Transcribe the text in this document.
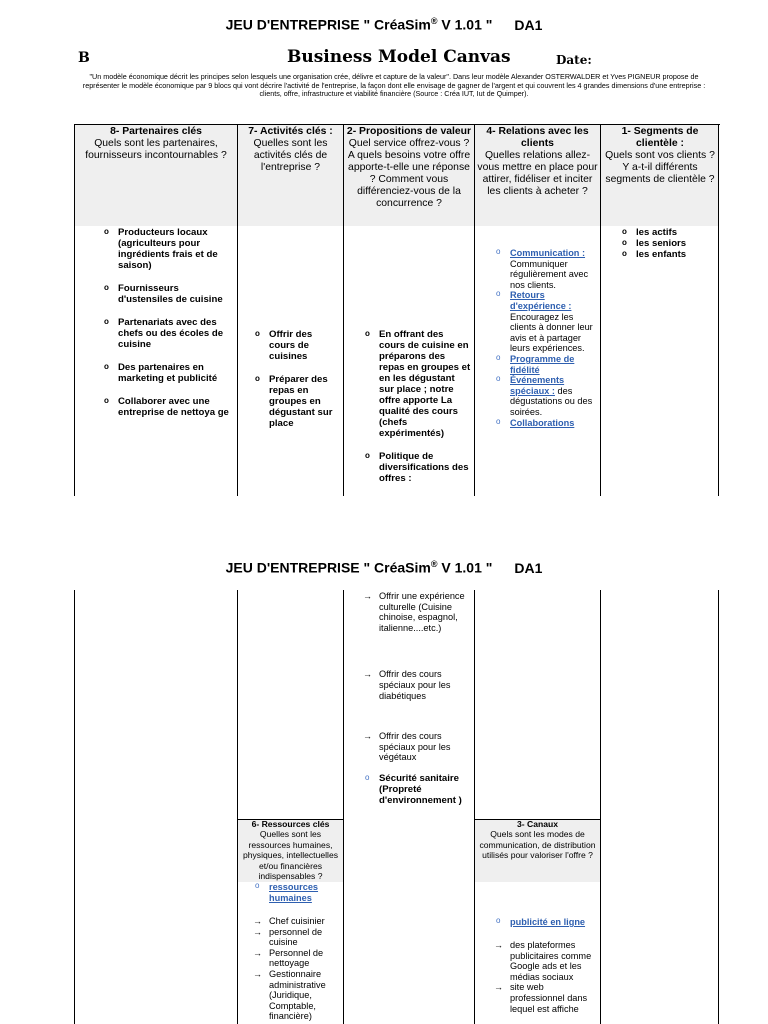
JEU D'ENTREPRISE " CréaSim® V 1.01 " DA1
B	Business Model Canvas	Date:
"Un modèle économique décrit les principes selon lesquels une organisation crée, délivre et capture de la valeur". Dans leur modèle Alexander OSTERWALDER et Yves PIGNEUR propose de représenter le modèle économique par 9 blocs qui vont décrire l'activité de l'entreprise, la façon dont elle envisage de gagner de l'argent et qui couvrent les 4 grandes dimensions d'une entreprise : clients, offre, infrastructure et viabilité financière (Source : Créa IUT, Iut de Quimper).
8- Partenaires clés
Quels sont les partenaires, fournisseurs incontournables ?
7- Activités clés :
Quelles sont les activités clés de l'entreprise ?
2- Propositions de valeur
Quel service offrez-vous ? A quels besoins votre offre apporte-t-elle une réponse ? Comment vous différenciez-vous de la concurrence ?
4- Relations avec les clients
Quelles relations allez-vous mettre en place pour attirer, fidéliser et inciter les clients à acheter ?
1- Segments de clientèle :
Quels sont vos clients ? Y a-t-il différents segments de clientèle ?
o Producteurs locaux (agriculteurs pour ingrédients frais et de saison)
o Fournisseurs d'ustensiles de cuisine
o Partenariats avec des chefs ou des écoles de cuisine
o Des partenaires en marketing et publicité
o Collaborer avec une entreprise de nettoya ge
o Offrir des cours de cuisines
o Préparer des repas en groupes en dégustant sur place
o En offrant des cours de cuisine en préparons des repas en groupes et en les dégustant sur place ; notre offre apporte La qualité des cours (chefs expérimentés)
o Politique de diversifications des offres :
o Communication :
Communiquer régulièrement avec nos clients.
o Retours d'expérience :
Encouragez les clients à donner leur avis et à partager leurs expériences.
o Programme de fidélité
o Événements spéciaux : des dégustations ou des soirées.
o Collaborations
o les actifs
o les seniors
o les enfants
JEU D'ENTREPRISE " CréaSim® V 1.01 " DA1
→ Offrir une expérience culturelle (Cuisine chinoise, espagnol, italienne....etc.)
→ Offrir des cours spéciaux pour les diabétiques
→ Offrir des cours spéciaux pour les végétaux
o Sécurité sanitaire (Propreté d'environnement )
6- Ressources clés
Quelles sont les ressources humaines, physiques, intellectuelles et/ou financières indispensables ?
o ressources humaines
→ Chef cuisinier
→ personnel de cuisine
→ Personnel de nettoyage
→ Gestionnaire administrative (Juridique, Comptable, financière)
3- Canaux
Quels sont les modes de communication, de distribution utilisés pour valoriser l'offre ?
o publicité en ligne
→ des plateformes publicitaires comme Google ads et les médias sociaux
→ site web professionnel dans lequel est affiche
